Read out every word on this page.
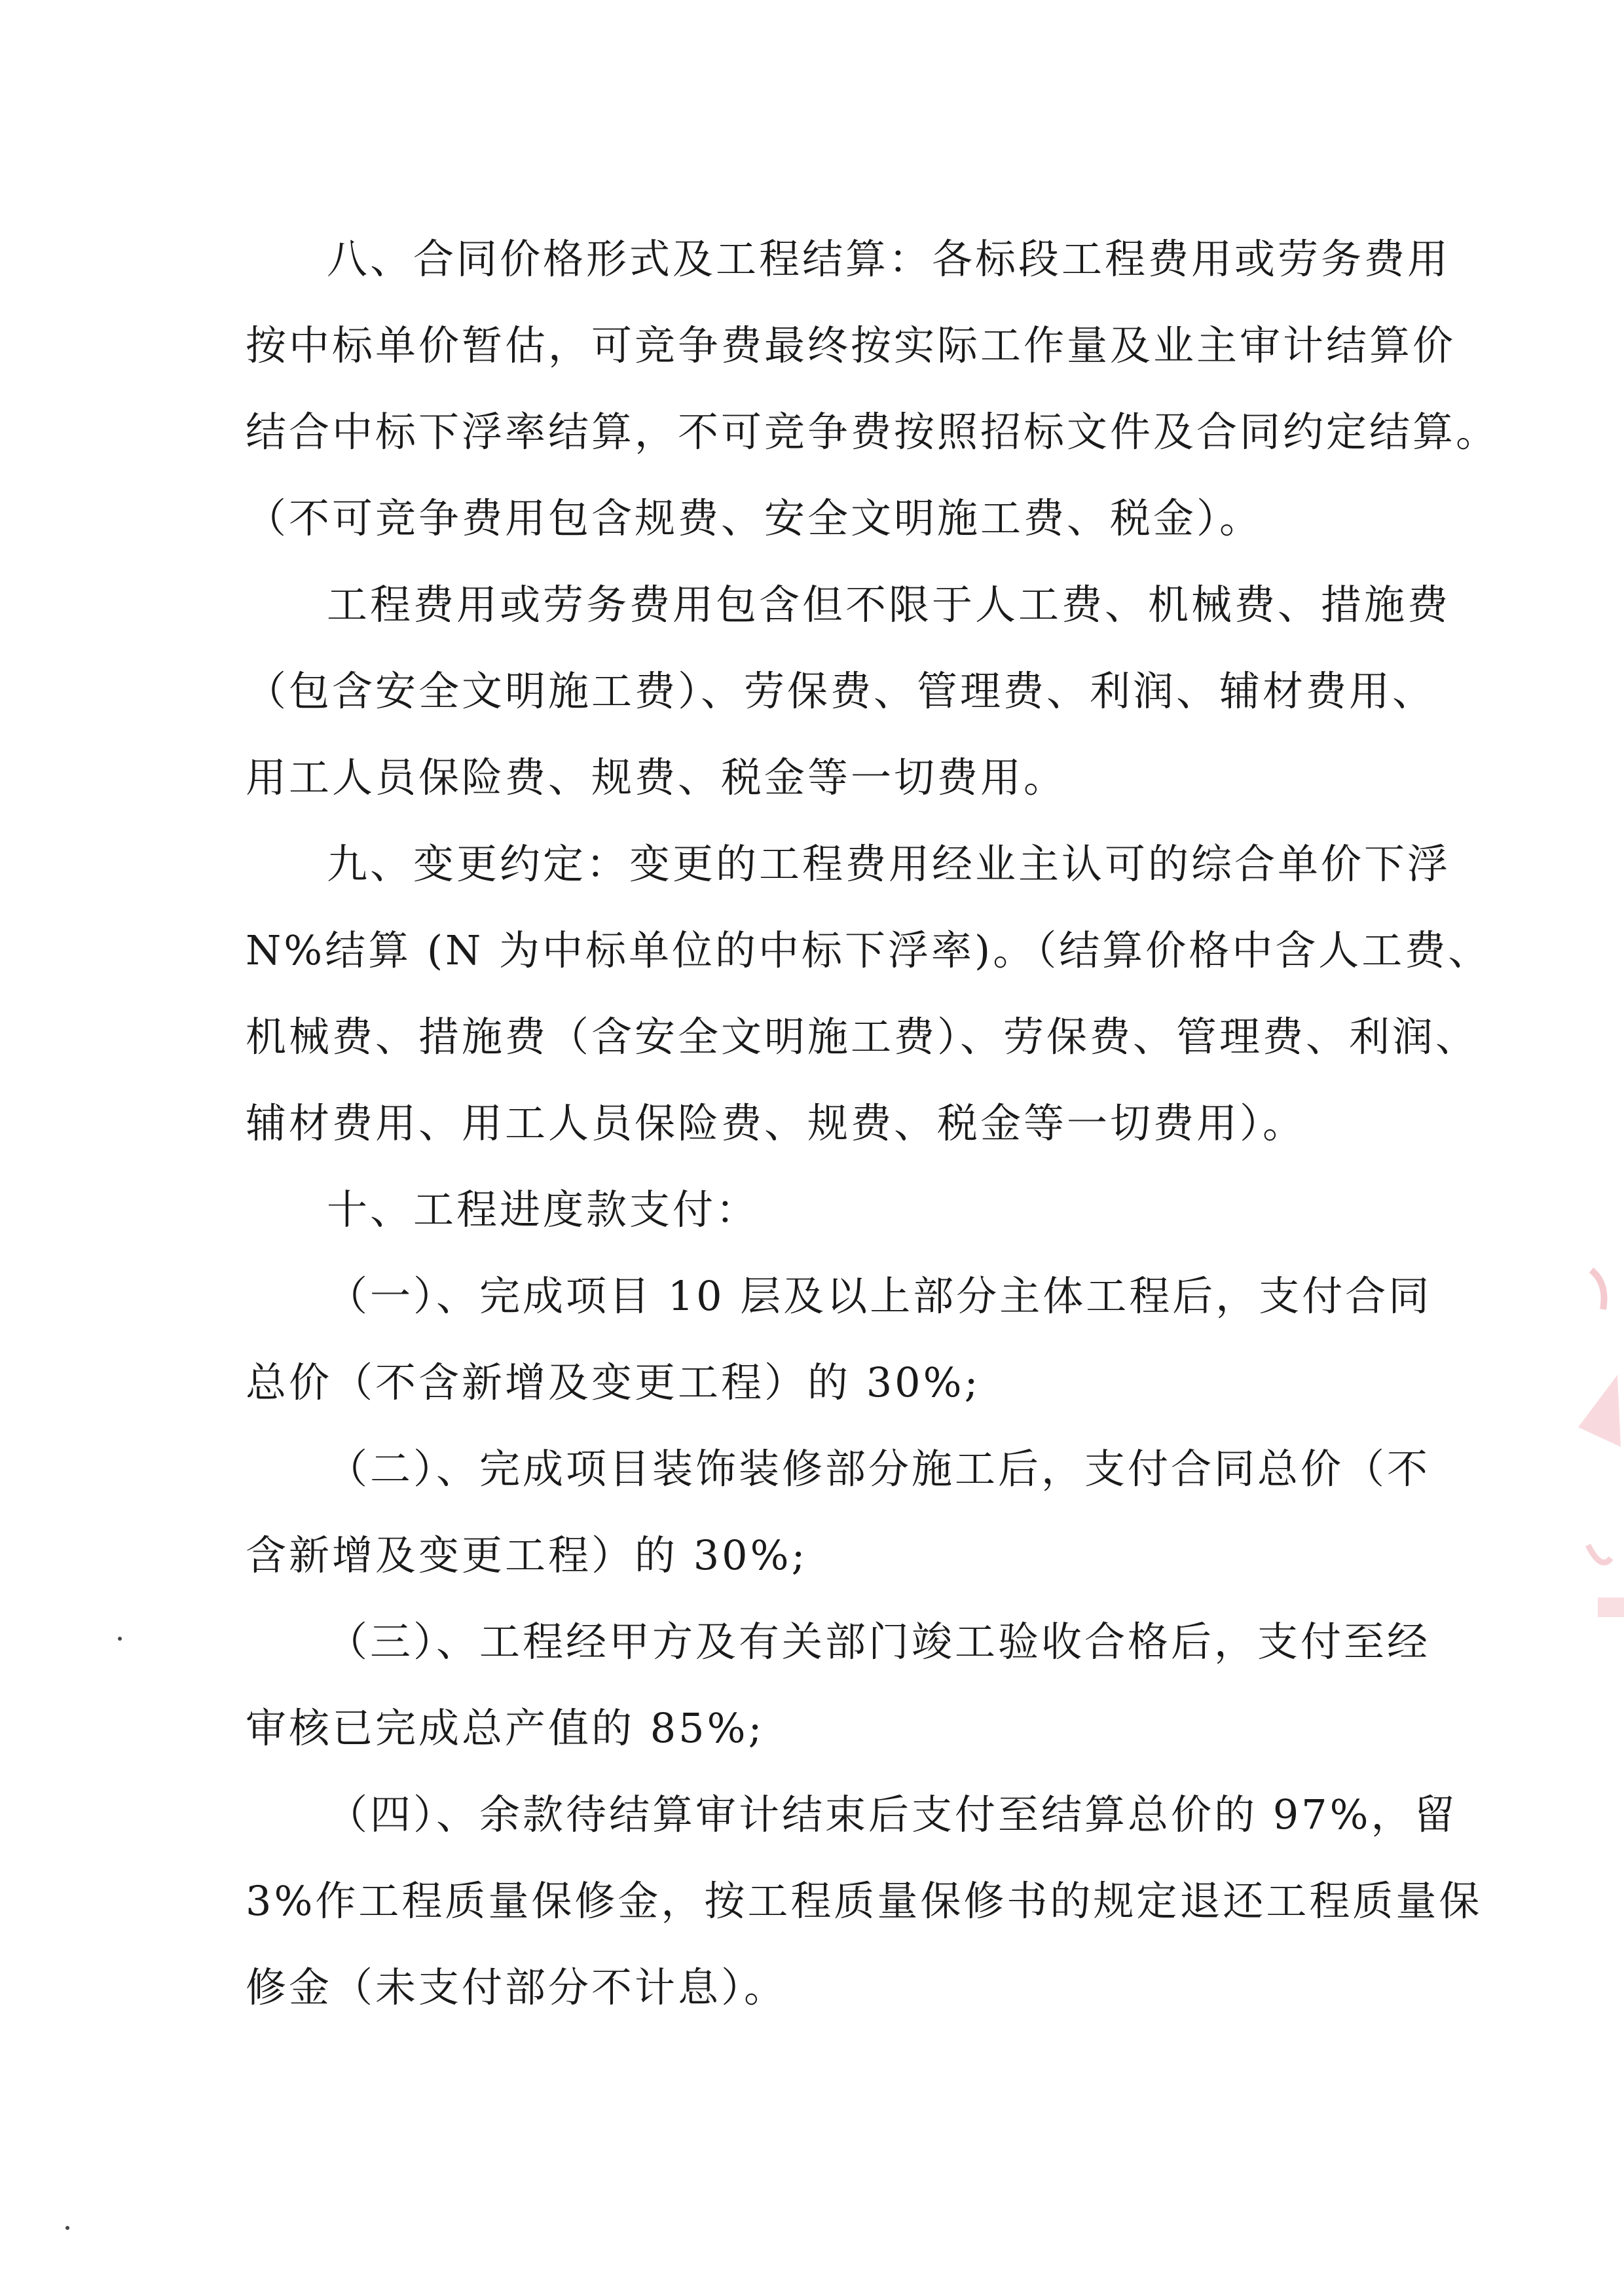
八、合同价格形式及工程结算：各标段工程费用或劳务费用
按中标单价暂估，可竞争费最终按实际工作量及业主审计结算价
结合中标下浮率结算，不可竞争费按照招标文件及合同约定结算。
（不可竞争费用包含规费、安全文明施工费、税金）。
工程费用或劳务费用包含但不限于人工费、机械费、措施费
（包含安全文明施工费）、劳保费、管理费、利润、辅材费用、
用工人员保险费、规费、税金等一切费用。
九、变更约定：变更的工程费用经业主认可的综合单价下浮
N%结算 (N 为中标单位的中标下浮率)。（结算价格中含人工费、
机械费、措施费（含安全文明施工费）、劳保费、管理费、利润、
辅材费用、用工人员保险费、规费、税金等一切费用）。
十、工程进度款支付：
（一）、完成项目 10 层及以上部分主体工程后，支付合同
总价（不含新增及变更工程）的 30%;
（二）、完成项目装饰装修部分施工后，支付合同总价（不
含新增及变更工程）的 30%;
（三）、工程经甲方及有关部门竣工验收合格后，支付至经
审核已完成总产值的 85%;
（四）、余款待结算审计结束后支付至结算总价的 97%，留
3%作工程质量保修金，按工程质量保修书的规定退还工程质量保
修金（未支付部分不计息）。
